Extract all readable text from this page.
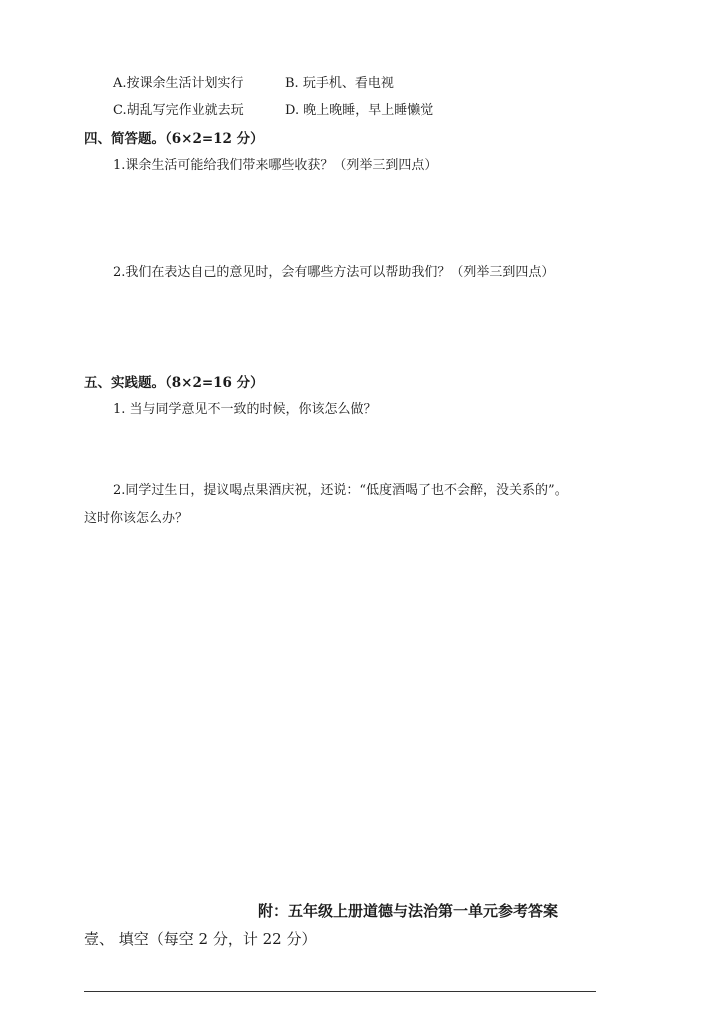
A.按课余生活计划实行	B. 玩手机、看电视
C.胡乱写完作业就去玩	D. 晚上晚睡，早上睡懒觉
四、简答题。（6×2=12 分）
1.课余生活可能给我们带来哪些收获？（列举三到四点）
2.我们在表达自己的意见时，会有哪些方法可以帮助我们？（列举三到四点）
五、实践题。（8×2=16 分）
1. 当与同学意见不一致的时候，你该怎么做？
2.同学过生日，提议喝点果酒庆祝，还说：“低度酒喝了也不会醉，没关系的”。
这时你该怎么办？
附：五年级上册道德与法治第一单元参考答案
壹、 填空（每空 2 分，计 22 分）
